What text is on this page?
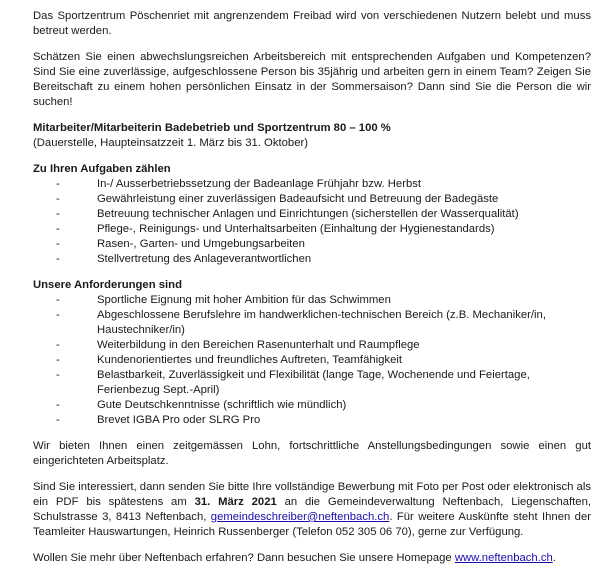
Das Sportzentrum Pöschenriet mit angrenzendem Freibad wird von verschiedenen Nutzern belebt und muss betreut werden.

Schätzen Sie einen abwechslungsreichen Arbeitsbereich mit entsprechenden Aufgaben und Kompetenzen? Sind Sie eine zuverlässige, aufgeschlossene Person bis 35jährig und arbeiten gern in einem Team? Zeigen Sie Bereitschaft zu einem hohen persönlichen Einsatz in der Sommersaison? Dann sind Sie die Person die wir suchen!

Mitarbeiter/Mitarbeiterin Badebetrieb und Sportzentrum 80 – 100 %

(Dauerstelle, Haupteinsatzzeit 1. März bis 31. Oktober)

Zu Ihren Aufgaben zählen

- In-/ Ausserbetriebssetzung der Badeanlage Frühjahr bzw. Herbst
- Gewährleistung einer zuverlässigen Badeaufsicht und Betreuung der Badegäste
- Betreuung technischer Anlagen und Einrichtungen (sicherstellen der Wasserqualität)
- Pflege-, Reinigungs- und Unterhaltsarbeiten (Einhaltung der Hygienestandards)
- Rasen-, Garten- und Umgebungsarbeiten
- Stellvertretung des Anlageverantwortlichen

Unsere Anforderungen sind

- Sportliche Eignung mit hoher Ambition für das Schwimmen
- Abgeschlossene Berufslehre im handwerklichen-technischen Bereich (z.B. Mechaniker/in, Haustechniker/in)
- Weiterbildung in den Bereichen Rasenunterhalt und Raumpflege
- Kundenorientiertes und freundliches Auftreten, Teamfähigkeit
- Belastbarkeit, Zuverlässigkeit und Flexibilität (lange Tage, Wochenende und Feiertage, Ferienbezug Sept.-April)
- Gute Deutschkenntnisse (schriftlich wie mündlich)
- Brevet IGBA Pro oder SLRG Pro

Wir bieten Ihnen einen zeitgemässen Lohn, fortschrittliche Anstellungsbedingungen sowie einen gut eingerichteten Arbeitsplatz.

Sind Sie interessiert, dann senden Sie bitte Ihre vollständige Bewerbung mit Foto per Post oder elektronisch als ein PDF bis spätestens am 31. März 2021 an die Gemeindeverwaltung Neftenbach, Liegenschaften, Schulstrasse 3, 8413 Neftenbach, gemeindeschreiber@neftenbach.ch. Für weitere Auskünfte steht Ihnen der Teamleiter Hauswartungen, Heinrich Russenberger (Telefon 052 305 06 70), gerne zur Verfügung.

Wollen Sie mehr über Neftenbach erfahren? Dann besuchen Sie unsere Homepage www.neftenbach.ch.
